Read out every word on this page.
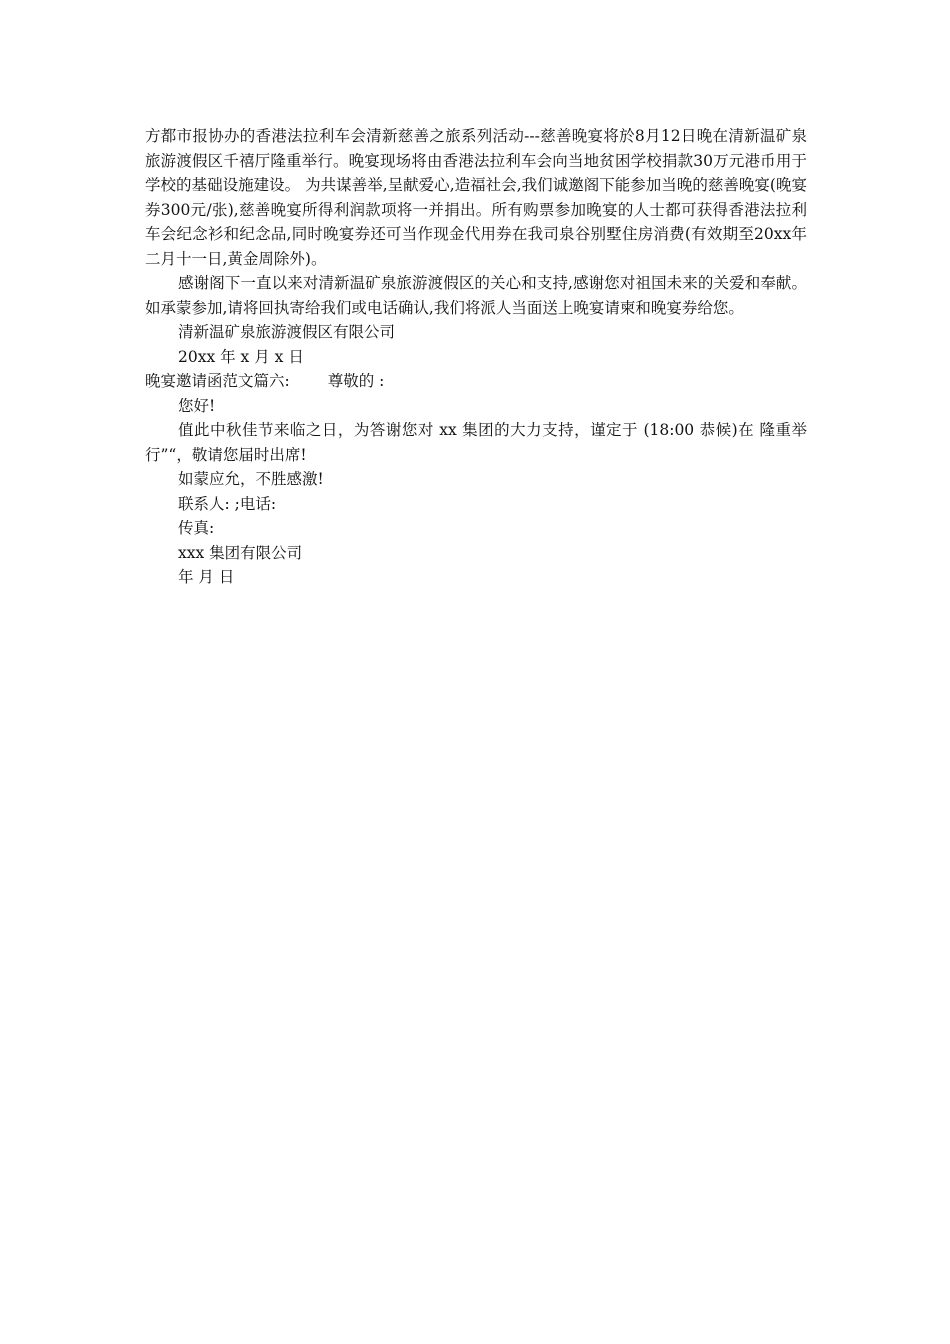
方都市报协办的香港法拉利车会清新慈善之旅系列活动---慈善晚宴将於8月12日晚在清新温矿泉旅游渡假区千禧厅隆重举行。晚宴现场将由香港法拉利车会向当地贫困学校捐款30万元港币用于学校的基础设施建设。 为共谋善举,呈献爱心,造福社会,我们诚邀阁下能参加当晚的慈善晚宴(晚宴券300元/张),慈善晚宴所得利润款项将一并捐出。所有购票参加晚宴的人士都可获得香港法拉利车会纪念衫和纪念品,同时晚宴券还可当作现金代用券在我司泉谷别墅住房消费(有效期至20xx年二月十一日,黄金周除外)。

感谢阁下一直以来对清新温矿泉旅游渡假区的关心和支持,感谢您对祖国未来的关爱和奉献。如承蒙参加,请将回执寄给我们或电话确认,我们将派人当面送上晚宴请柬和晚宴券给您。

清新温矿泉旅游渡假区有限公司

20xx 年 x 月 x 日

晚宴邀请函范文篇六: 尊敬的 :

您好!

值此中秋佳节来临之日，为答谢您对 xx 集团的大力支持，谨定于 (18:00 恭候)在 隆重举行”“，敬请您届时出席!

如蒙应允，不胜感激!

联系人: ;电话:

传真:

xxx 集团有限公司

年 月 日
